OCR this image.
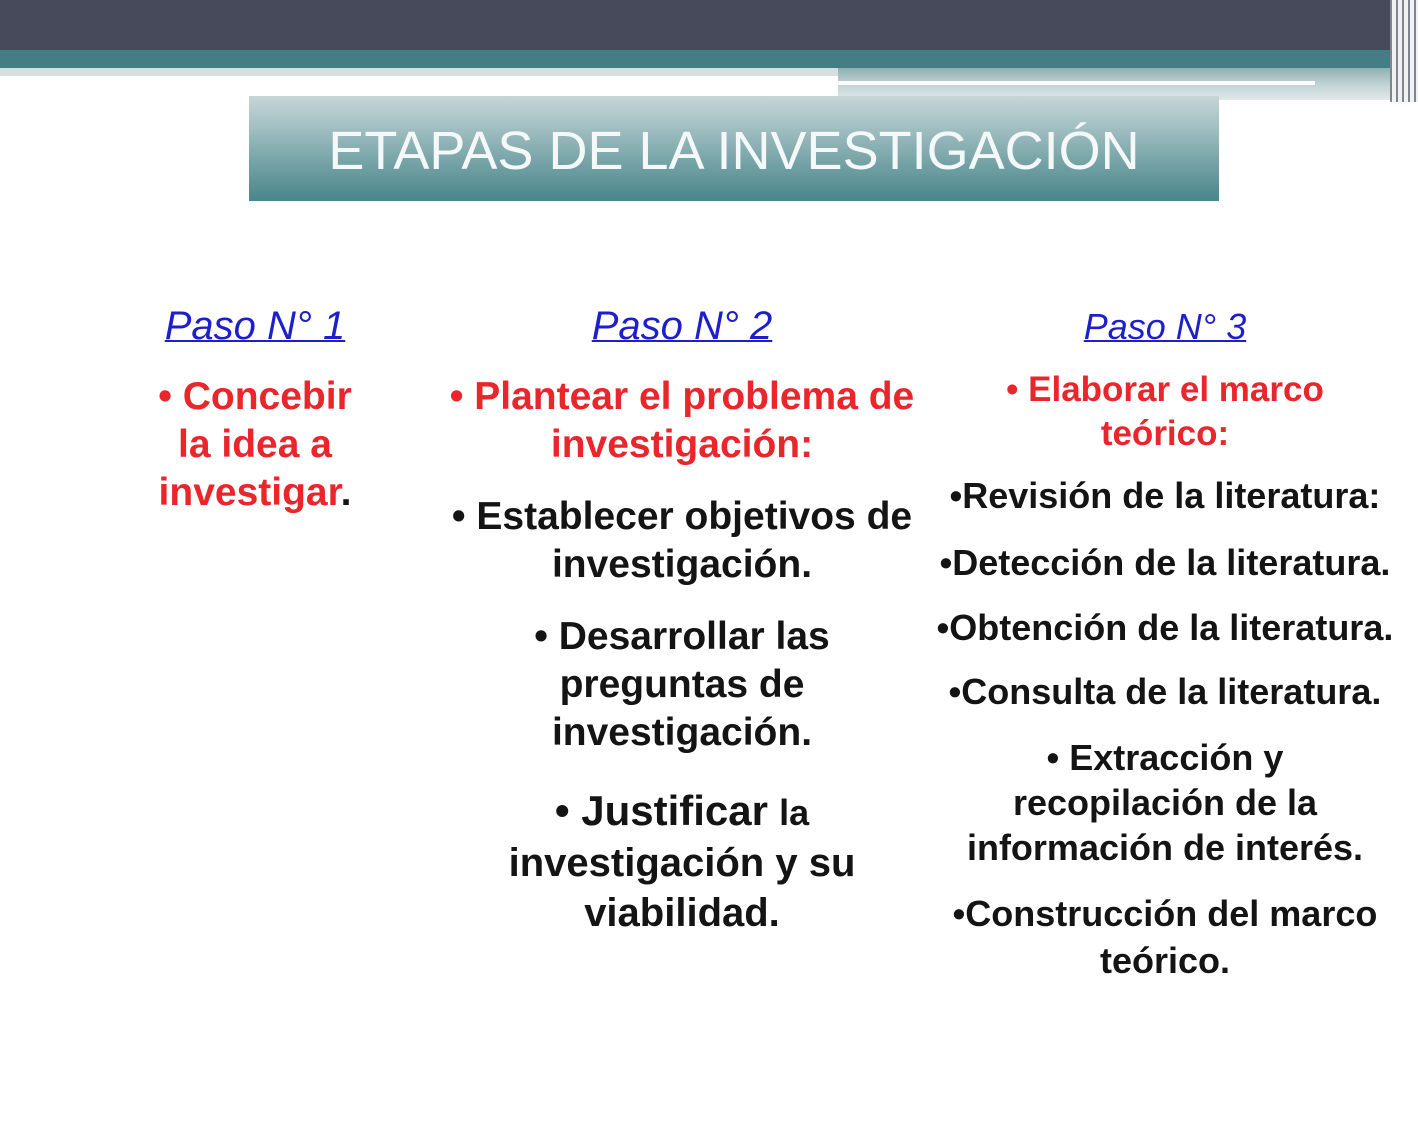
ETAPAS DE LA INVESTIGACIÓN
Paso N° 1
• Concebir
la idea a
investigar.
Paso N° 2
• Plantear el problema de
investigación:
• Establecer objetivos de
investigación.
• Desarrollar las
preguntas de
investigación.
• Justificar la
investigación y su
viabilidad.
Paso N° 3
• Elaborar el marco
teórico:
•Revisión de la literatura:
•Detección de la literatura.
•Obtención de la literatura.
•Consulta de la literatura.
• Extracción y
recopilación de la
información de interés.
•Construcción del marco
teórico.
